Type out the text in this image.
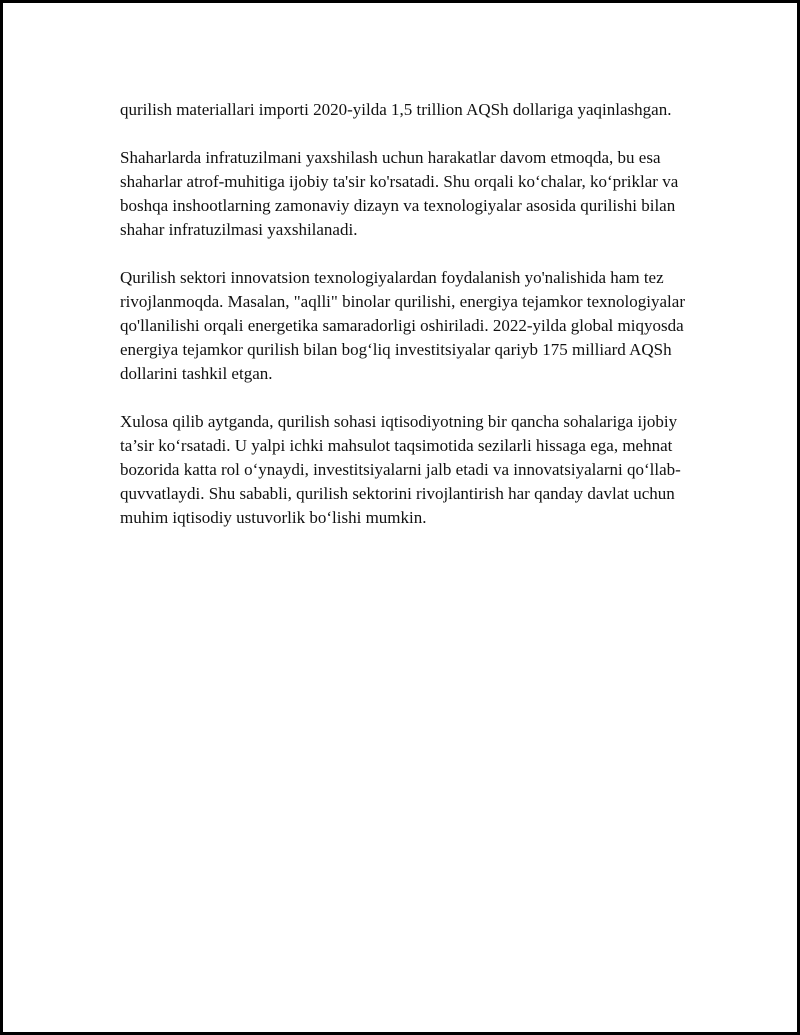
qurilish materiallari importi 2020-yilda 1,5 trillion AQSh dollariga yaqinlashgan.

Shaharlarda infratuzilmani yaxshilash uchun harakatlar davom etmoqda, bu esa shaharlar atrof-muhitiga ijobiy ta'sir ko'rsatadi. Shu orqali ko‘chalar, ko‘priklar va boshqa inshootlarning zamonaviy dizayn va texnologiyalar asosida qurilishi bilan shahar infratuzilmasi yaxshilanadi.

Qurilish sektori innovatsion texnologiyalardan foydalanish yo'nalishida ham tez rivojlanmoqda. Masalan, "aqlli" binolar qurilishi, energiya tejamkor texnologiyalar qo'llanilishi orqali energetika samaradorligi oshiriladi. 2022-yilda global miqyosda energiya tejamkor qurilish bilan bog‘liq investitsiyalar qariyb 175 milliard AQSh dollarini tashkil etgan.

Xulosa qilib aytganda, qurilish sohasi iqtisodiyotning bir qancha sohalariga ijobiy ta’sir ko‘rsatadi. U yalpi ichki mahsulot taqsimotida sezilarli hissaga ega, mehnat bozorida katta rol o‘ynaydi, investitsiyalarni jalb etadi va innovatsiyalarni qo‘llab-quvvatlaydi. Shu sababli, qurilish sektorini rivojlantirish har qanday davlat uchun muhim iqtisodiy ustuvorlik bo‘lishi mumkin.
